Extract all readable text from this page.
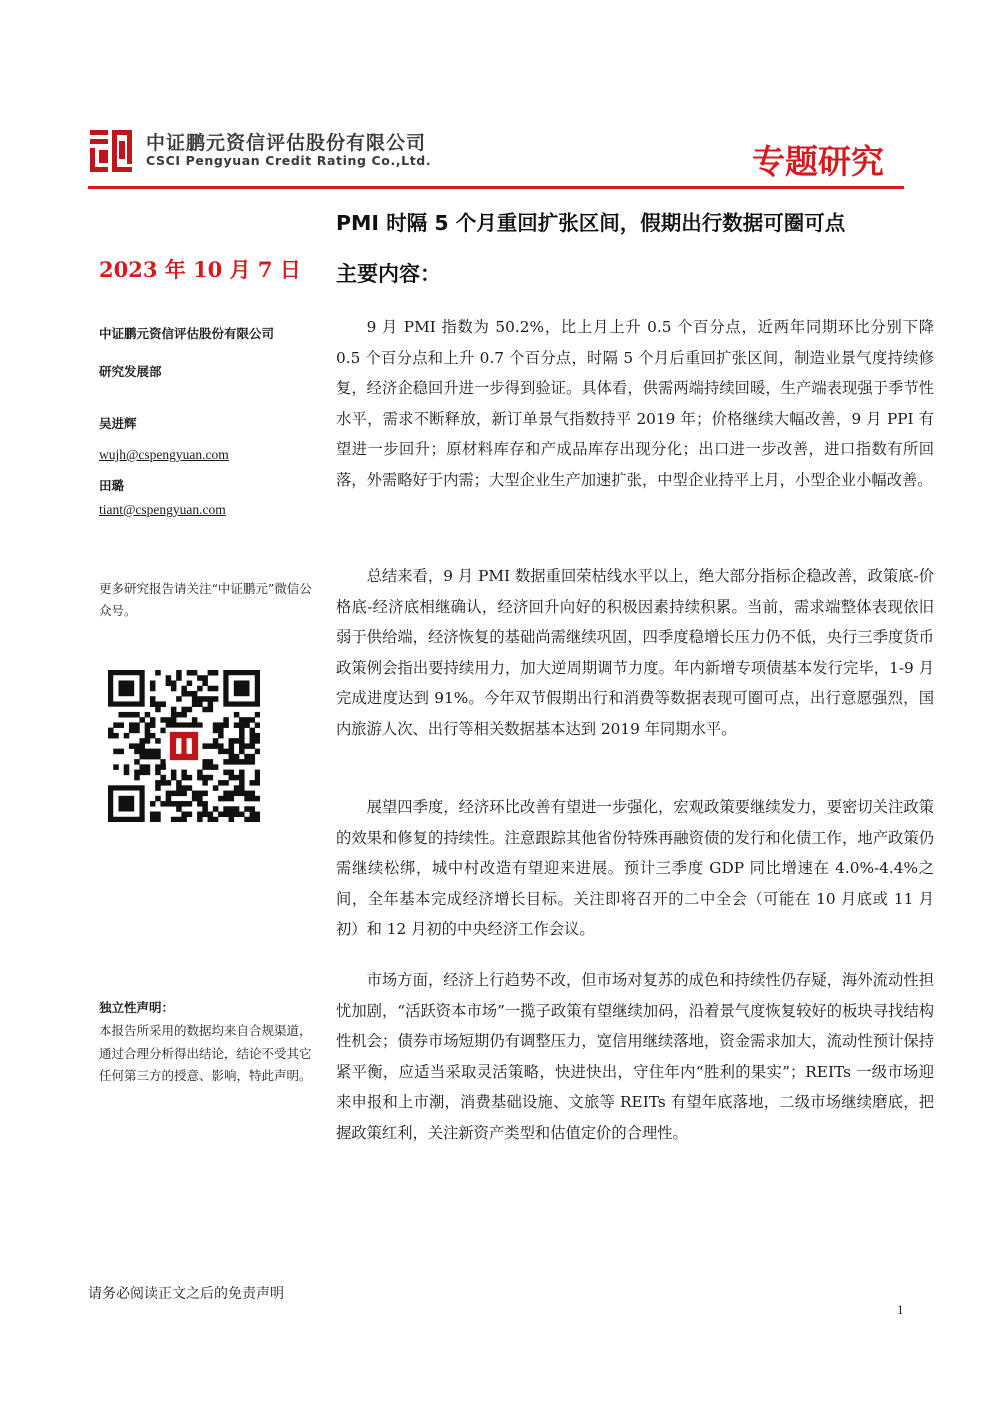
中证鹏元资信评估股份有限公司
CSCI Pengyuan Credit Rating Co.,Ltd.	专题研究
PMI 时隔 5 个月重回扩张区间，假期出行数据可圈可点
2023 年 10 月 7 日 主要内容：
中证鹏元资信评估股份有限公司
研究发展部
吴进辉
wujh@cspengyuan.com
田璐
tiant@cspengyuan.com
更多研究报告请关注“中证鹏元”微信公众号。
独立性声明：
本报告所采用的数据均来自合规渠道，通过合理分析得出结论，结论不受其它任何第三方的授意、影响，特此声明。
9 月 PMI 指数为 50.2%，比上月上升 0.5 个百分点，近两年同期环比分别下降 0.5 个百分点和上升 0.7 个百分点，时隔 5 个月后重回扩张区间，制造业景气度持续修复，经济企稳回升进一步得到验证。具体看，供需两端持续回暖，生产端表现强于季节性水平，需求不断释放，新订单景气指数持平 2019 年；价格继续大幅改善，9 月 PPI 有望进一步回升；原材料库存和产成品库存出现分化；出口进一步改善，进口指数有所回落，外需略好于内需；大型企业生产加速扩张，中型企业持平上月，小型企业小幅改善。
总结来看，9 月 PMI 数据重回荣枯线水平以上，绝大部分指标企稳改善，政策底-价格底-经济底相继确认，经济回升向好的积极因素持续积累。当前，需求端整体表现依旧弱于供给端，经济恢复的基础尚需继续巩固，四季度稳增长压力仍不低，央行三季度货币政策例会指出要持续用力，加大逆周期调节力度。年内新增专项债基本发行完毕，1-9 月完成进度达到 91%。今年双节假期出行和消费等数据表现可圈可点，出行意愿强烈，国内旅游人次、出行等相关数据基本达到 2019 年同期水平。
展望四季度，经济环比改善有望进一步强化，宏观政策要继续发力，要密切关注政策的效果和修复的持续性。注意跟踪其他省份特殊再融资债的发行和化债工作，地产政策仍需继续松绑，城中村改造有望迎来进展。预计三季度 GDP 同比增速在 4.0%-4.4%之间，全年基本完成经济增长目标。关注即将召开的二中全会（可能在 10 月底或 11 月初）和 12 月初的中央经济工作会议。
市场方面，经济上行趋势不改，但市场对复苏的成色和持续性仍存疑，海外流动性担忧加剧，“活跃资本市场”一揽子政策有望继续加码，沿着景气度恢复较好的板块寻找结构性机会；债券市场短期仍有调整压力，宽信用继续落地，资金需求加大，流动性预计保持紧平衡，应适当采取灵活策略，快进快出，守住年内“胜利的果实”；REITs 一级市场迎来申报和上市潮，消费基础设施、文旅等 REITs 有望年底落地，二级市场继续磨底，把握政策红利，关注新资产类型和估值定价的合理性。
请务必阅读正文之后的免责声明
1
